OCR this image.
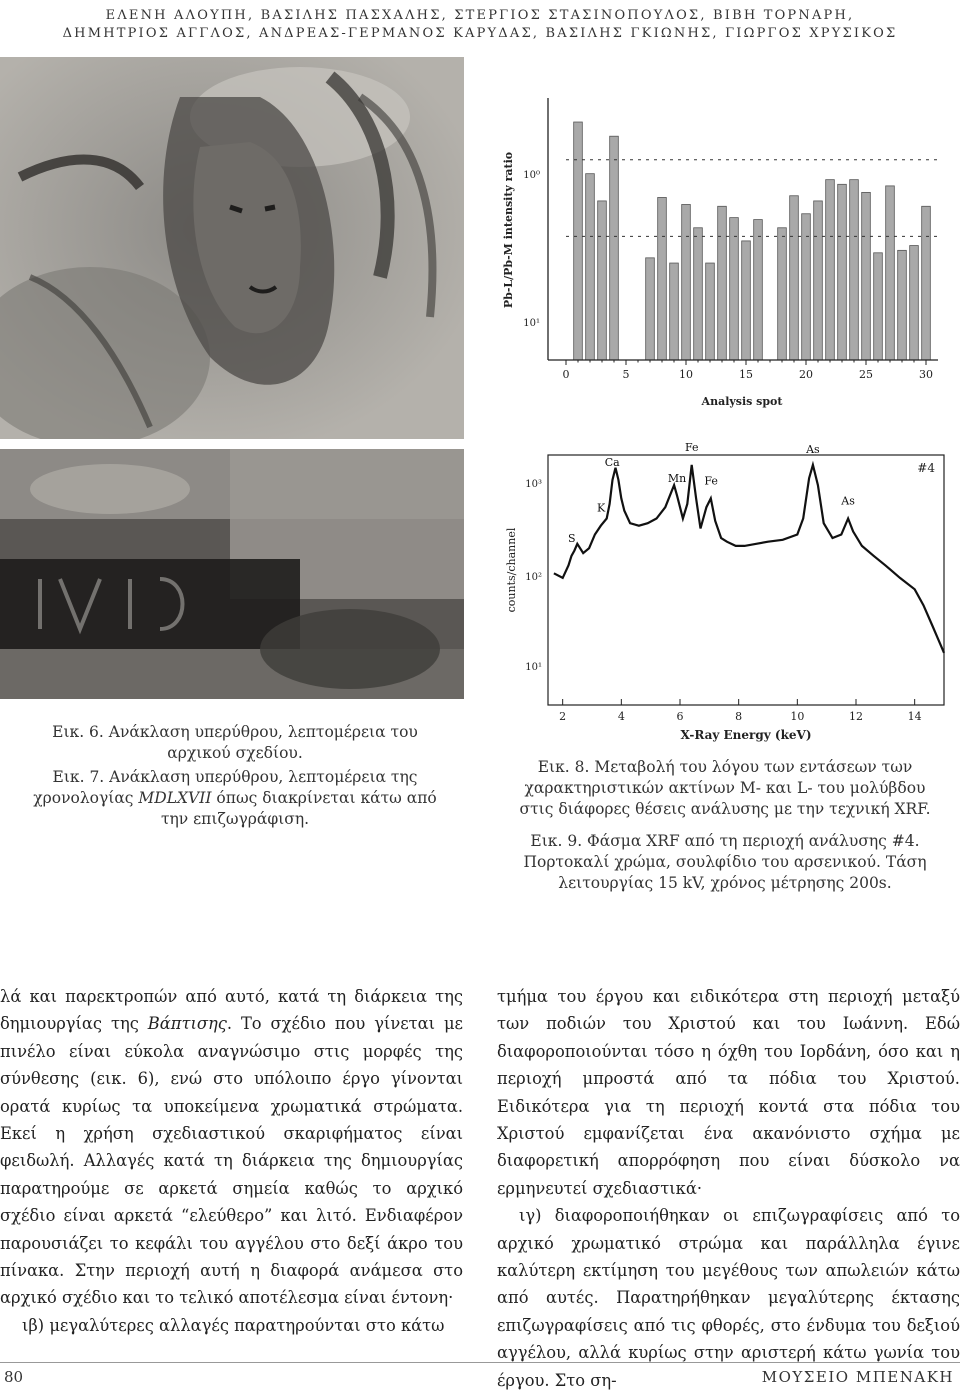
ΕΛΕΝΗ ΑΛΟΥΠΗ, ΒΑΣΙΛΗΣ ΠΑΣΧΑΛΗΣ, ΣΤΕΡΓΙΟΣ ΣΤΑΣΙΝΟΠΟΥΛΟΣ, ΒΙΒΗ ΤΟΡΝΑΡΗ,
ΔΗΜΗΤΡΙΟΣ ΑΓΓΛΟΣ, ΑΝΔΡΕΑΣ-ΓΕΡΜΑΝΟΣ ΚΑΡΥΔΑΣ, ΒΑΣΙΛΗΣ ΓΚΙΩΝΗΣ, ΓΙΩΡΓΟΣ ΧΡΥΣΙΚΟΣ
0	5	10	15	20	25	30
Pb-L/Pb-M intensity ratio
Analysis spot
10⁰
10¹
2	4	6	8	10	12	14
S
K
Ca
Mn
Fe
Fe
As
As
#4
counts/channel
X-Ray Energy (keV)
10³
10²
10¹
Εικ. 6. Ανάκλαση υπερύθρου, λεπτομέρεια του αρχικού σχεδίου.
Εικ. 7. Ανάκλαση υπερύθρου, λεπτομέρεια της χρονολογίας MDLXVII όπως διακρίνεται κάτω από την επιζωγράφιση.
Εικ. 8. Μεταβολή του λόγου των εντάσεων των χαρακτηριστικών ακτίνων M- και L- του μολύβδου στις διάφορες θέσεις ανάλυσης με την τεχνική XRF.
Εικ. 9. Φάσμα XRF από τη περιοχή ανάλυσης #4. Πορτοκαλί χρώμα, σουλφίδιο του αρσενικού. Τάση λειτουργίας 15 kV, χρόνος μέτρησης 200s.

λά και παρεκτροπών από αυτό, κατά τη διάρκεια της δημιουργίας της Βάπτισης. Το σχέδιο που γίνεται με πινέλο είναι εύκολα αναγνώσιμο στις μορφές της σύνθεσης (εικ. 6), ενώ στο υπόλοιπο έργο γίνονται ορατά κυρίως τα υποκείμενα χρωματικά στρώματα. Εκεί η χρήση σχεδιαστικού σκαριφήματος είναι φειδωλή. Αλλαγές κατά τη διάρκεια της δημιουργίας παρατηρούμε σε αρκετά σημεία καθώς το αρχικό σχέδιο είναι αρκετά “ελεύθερο” και λιτό. Ενδιαφέρον παρουσιάζει το κεφάλι του αγγέλου στο δεξί άκρο του πίνακα. Στην περιοχή αυτή η διαφορά ανάμεσα στο αρχικό σχέδιο και το τελικό αποτέλεσμα είναι έντονη·

ιβ) μεγαλύτερες αλλαγές παρατηρούνται στο κάτω

τμήμα του έργου και ειδικότερα στη περιοχή μεταξύ των ποδιών του Χριστού και του Ιωάννη. Εδώ διαφοροποιούνται τόσο η όχθη του Ιορδάνη, όσο και η περιοχή μπροστά από τα πόδια του Χριστού. Ειδικότερα για τη περιοχή κοντά στα πόδια του Χριστού εμφανίζεται ένα ακανόνιστο σχήμα με διαφορετική απορρόφηση που είναι δύσκολο να ερμηνευτεί σχεδιαστικά·

ιγ) διαφοροποιήθηκαν οι επιζωγραφίσεις από το αρχικό χρωματικό στρώμα και παράλληλα έγινε καλύτερη εκτίμηση του μεγέθους των απωλειών κάτω από αυτές. Παρατηρήθηκαν μεγαλύτερης έκτασης επιζωγραφίσεις από τις φθορές, στο ένδυμα του δεξιού αγγέλου, αλλά κυρίως στην αριστερή κάτω γωνία του έργου. Στο ση-

80	ΜΟΥΣΕΙΟ ΜΠΕΝΑΚΗ
